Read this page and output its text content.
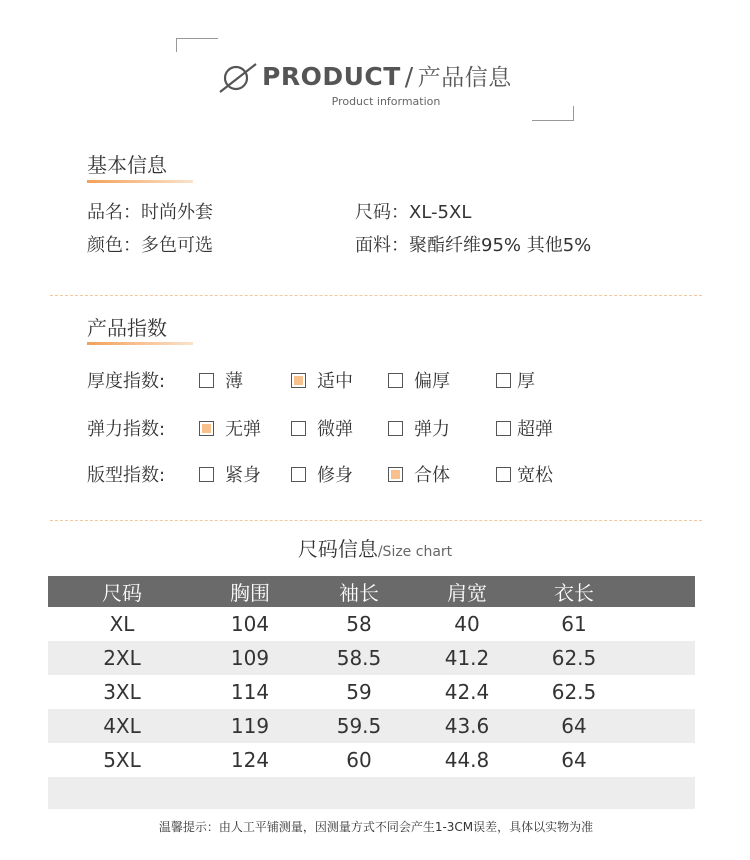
PRODUCT / 产品信息
Product information
基本信息
品名：时尚外套	尺码：XL-5XL
颜色：多色可选	面料：聚酯纤维95% 其他5%
产品指数
厚度指数:	薄	适中	偏厚	厚
弹力指数:	无弹	微弹	弹力	超弹
版型指数:	紧身	修身	合体	宽松
尺码信息/Size chart
尺码	胸围	袖长	肩宽	衣长	
XL	104	58	40	61	
2XL	109	58.5	41.2	62.5	
3XL	114	59	42.4	62.5	
4XL	119	59.5	43.6	64	
5XL	124	60	44.8	64	

温馨提示：由人工平铺测量，因测量方式不同会产生1-3CM误差，具体以实物为准
